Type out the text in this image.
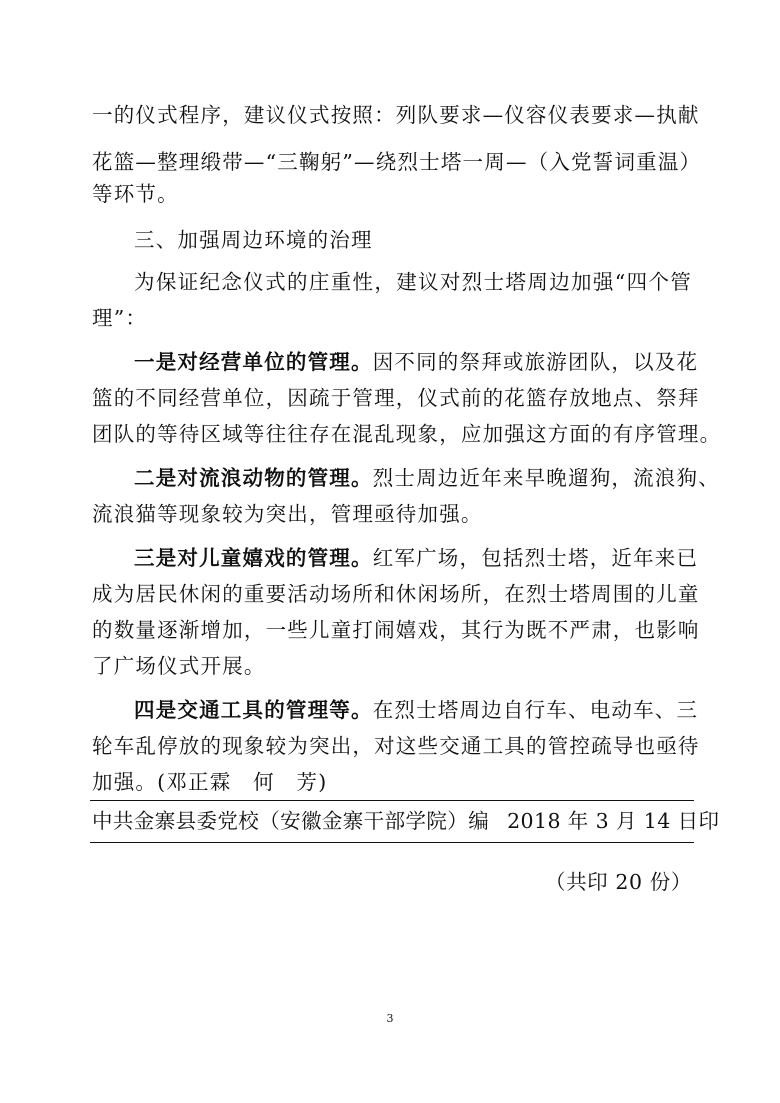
一的仪式程序，建议仪式按照：列队要求—仪容仪表要求—执献
花篮—整理缎带—“三鞠躬”—绕烈士塔一周—（入党誓词重温）
等环节。
三、加强周边环境的治理
为保证纪念仪式的庄重性，建议对烈士塔周边加强“四个管
理”：
一是对经营单位的管理。因不同的祭拜或旅游团队，以及花
篮的不同经营单位，因疏于管理，仪式前的花篮存放地点、祭拜
团队的等待区域等往往存在混乱现象，应加强这方面的有序管理。
二是对流浪动物的管理。烈士周边近年来早晚遛狗，流浪狗、
流浪猫等现象较为突出，管理亟待加强。
三是对儿童嬉戏的管理。红军广场，包括烈士塔，近年来已
成为居民休闲的重要活动场所和休闲场所，在烈士塔周围的儿童
的数量逐渐增加，一些儿童打闹嬉戏，其行为既不严肃，也影响
了广场仪式开展。
四是交通工具的管理等。在烈士塔周边自行车、电动车、三
轮车乱停放的现象较为突出，对这些交通工具的管控疏导也亟待
加强。(邓正霖　何　芳)
中共金寨县委党校（安徽金寨干部学院）编 2018 年 3 月 14 日印
（共印 20 份）
3
